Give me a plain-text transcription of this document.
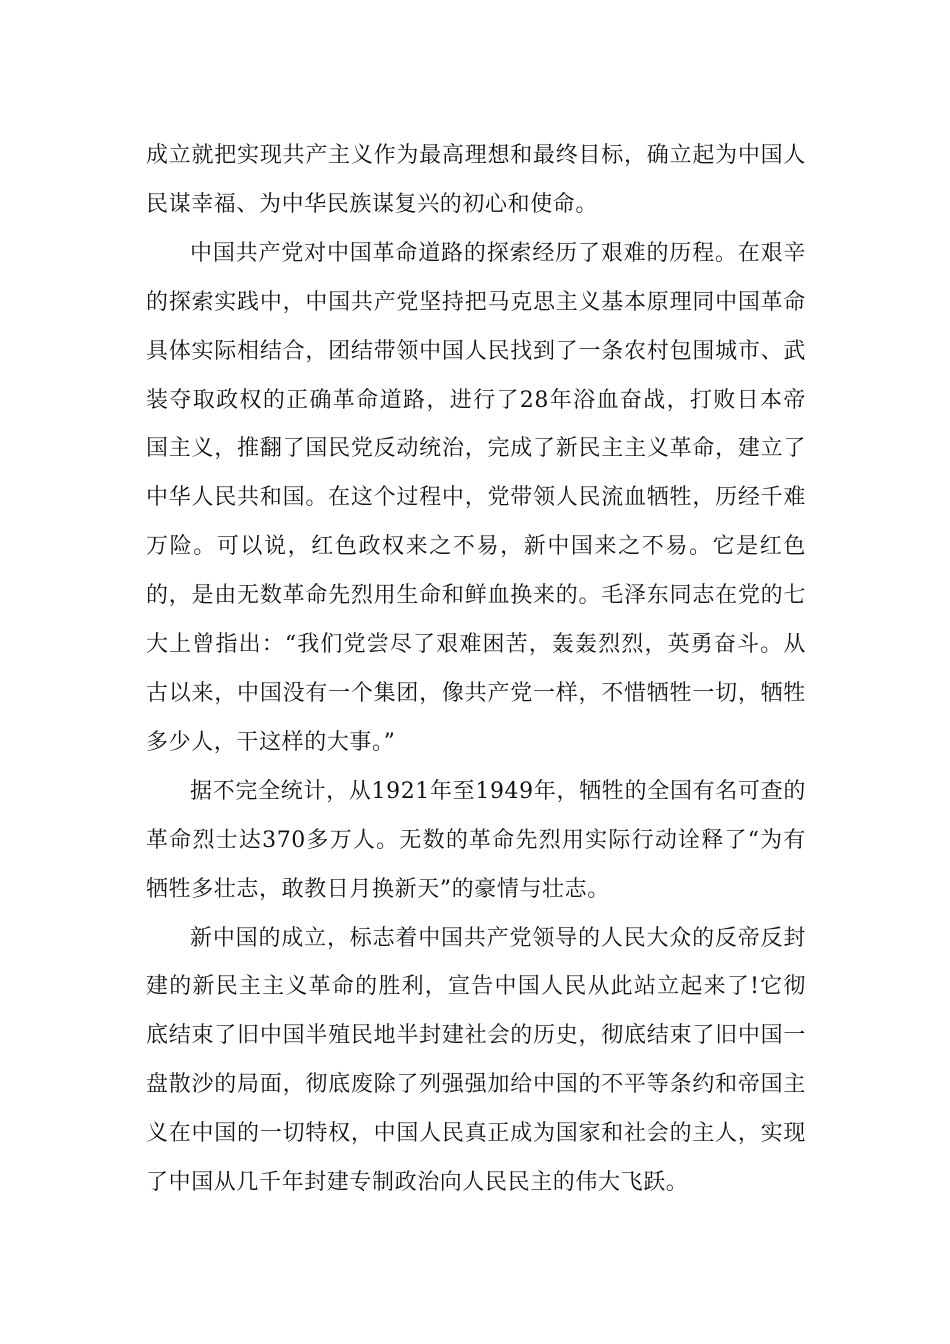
成立就把实现共产主义作为最高理想和最终目标，确立起为中国人民谋幸福、为中华民族谋复兴的初心和使命。

中国共产党对中国革命道路的探索经历了艰难的历程。在艰辛的探索实践中，中国共产党坚持把马克思主义基本原理同中国革命具体实际相结合，团结带领中国人民找到了一条农村包围城市、武装夺取政权的正确革命道路，进行了28年浴血奋战，打败日本帝国主义，推翻了国民党反动统治，完成了新民主主义革命，建立了中华人民共和国。在这个过程中，党带领人民流血牺牲，历经千难万险。可以说，红色政权来之不易，新中国来之不易。它是红色的，是由无数革命先烈用生命和鲜血换来的。毛泽东同志在党的七大上曾指出：“我们党尝尽了艰难困苦，轰轰烈烈，英勇奋斗。从古以来，中国没有一个集团，像共产党一样，不惜牺牲一切，牺牲多少人，干这样的大事。”

据不完全统计，从1921年至1949年，牺牲的全国有名可查的革命烈士达370多万人。无数的革命先烈用实际行动诠释了“为有牺牲多壮志，敢教日月换新天”的豪情与壮志。

新中国的成立，标志着中国共产党领导的人民大众的反帝反封建的新民主主义革命的胜利，宣告中国人民从此站立起来了!它彻底结束了旧中国半殖民地半封建社会的历史，彻底结束了旧中国一盘散沙的局面，彻底废除了列强强加给中国的不平等条约和帝国主义在中国的一切特权，中国人民真正成为国家和社会的主人，实现了中国从几千年封建专制政治向人民民主的伟大飞跃。
